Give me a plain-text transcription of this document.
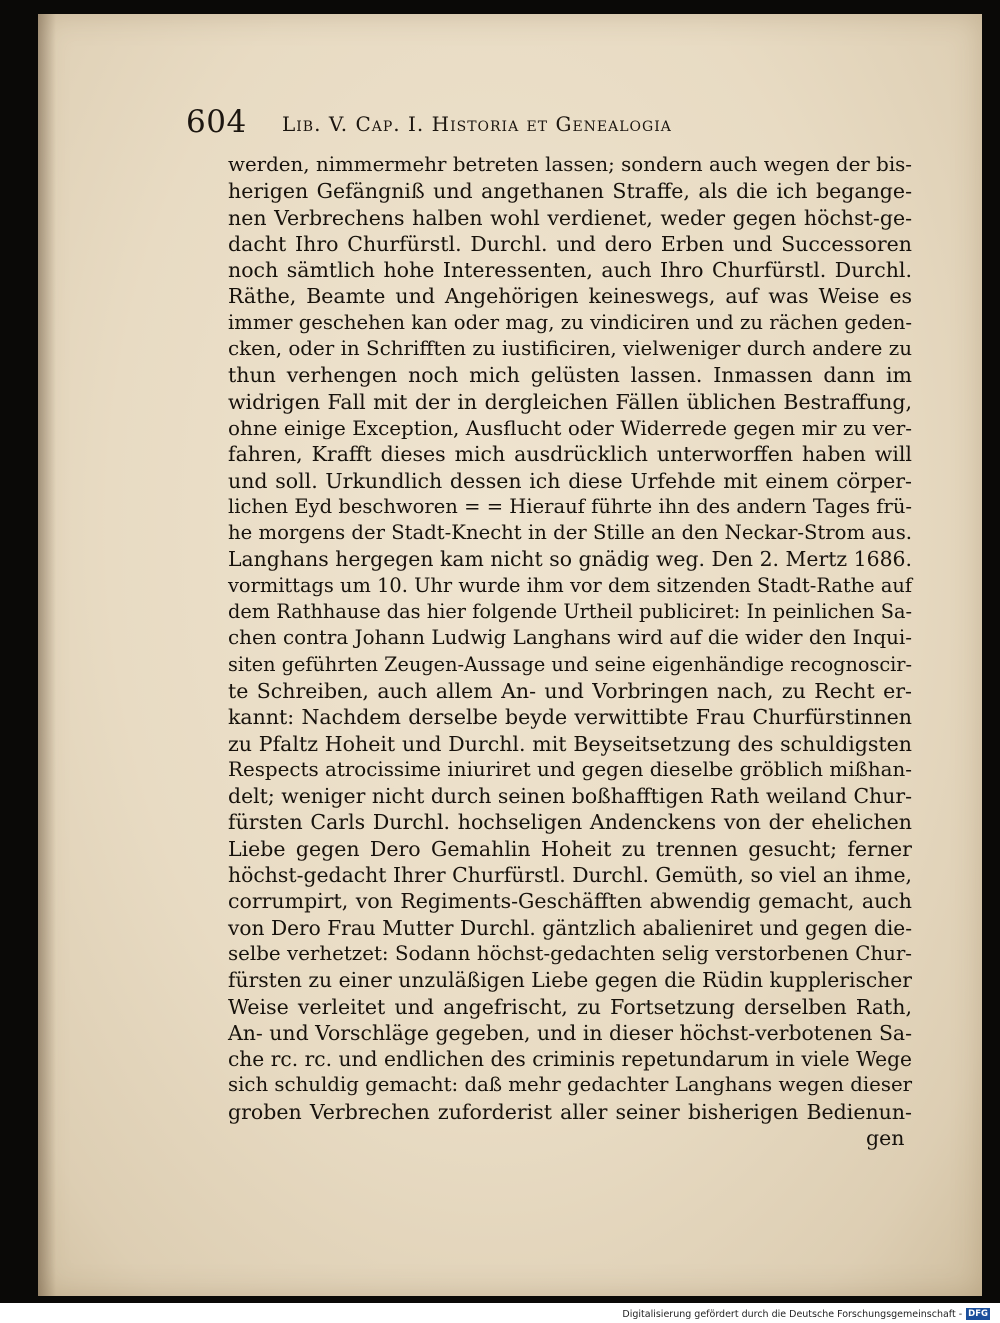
604 Lib. V. Cap. I. Historia et Genealogia
werden, nimmermehr betreten lassen; sondern auch wegen der bis-
herigen Gefängniß und angethanen Straffe, als die ich begange-
nen Verbrechens halben wohl verdienet, weder gegen höchst-ge-
dacht Ihro Churfürstl. Durchl. und dero Erben und Successoren
noch sämtlich hohe Interessenten, auch Ihro Churfürstl. Durchl.
Räthe, Beamte und Angehörigen keineswegs, auf was Weise es
immer geschehen kan oder mag, zu vindiciren und zu rächen geden-
cken, oder in Schrifften zu iustificiren, vielweniger durch andere zu
thun verhengen noch mich gelüsten lassen. Inmassen dann im
widrigen Fall mit der in dergleichen Fällen üblichen Bestraffung,
ohne einige Exception, Ausflucht oder Widerrede gegen mir zu ver-
fahren, Krafft dieses mich ausdrücklich unterworffen haben will
und soll. Urkundlich dessen ich diese Urfehde mit einem cörper-
lichen Eyd beschworen = = Hierauf führte ihn des andern Tages frü-
he morgens der Stadt-Knecht in der Stille an den Neckar-Strom aus.
Langhans hergegen kam nicht so gnädig weg. Den 2. Mertz 1686.
vormittags um 10. Uhr wurde ihm vor dem sitzenden Stadt-Rathe auf
dem Rathhause das hier folgende Urtheil publiciret: In peinlichen Sa-
chen contra Johann Ludwig Langhans wird auf die wider den Inqui-
siten geführten Zeugen-Aussage und seine eigenhändige recognoscir-
te Schreiben, auch allem An- und Vorbringen nach, zu Recht er-
kannt: Nachdem derselbe beyde verwittibte Frau Churfürstinnen
zu Pfaltz Hoheit und Durchl. mit Beyseitsetzung des schuldigsten
Respects atrocissime iniuriret und gegen dieselbe gröblich mißhan-
delt; weniger nicht durch seinen boßhafftigen Rath weiland Chur-
fürsten Carls Durchl. hochseligen Andenckens von der ehelichen
Liebe gegen Dero Gemahlin Hoheit zu trennen gesucht; ferner
höchst-gedacht Ihrer Churfürstl. Durchl. Gemüth, so viel an ihme,
corrumpirt, von Regiments-Geschäfften abwendig gemacht, auch
von Dero Frau Mutter Durchl. gäntzlich abalieniret und gegen die-
selbe verhetzet: Sodann höchst-gedachten selig verstorbenen Chur-
fürsten zu einer unzuläßigen Liebe gegen die Rüdin kupplerischer
Weise verleitet und angefrischt, zu Fortsetzung derselben Rath,
An- und Vorschläge gegeben, und in dieser höchst-verbotenen Sa-
che rc. rc. und endlichen des criminis repetundarum in viele Wege
sich schuldig gemacht: daß mehr gedachter Langhans wegen dieser
groben Verbrechen zuforderist aller seiner bisherigen Bedienun-
gen
Digitalisierung gefördert durch die Deutsche Forschungsgemeinschaft - DFG
